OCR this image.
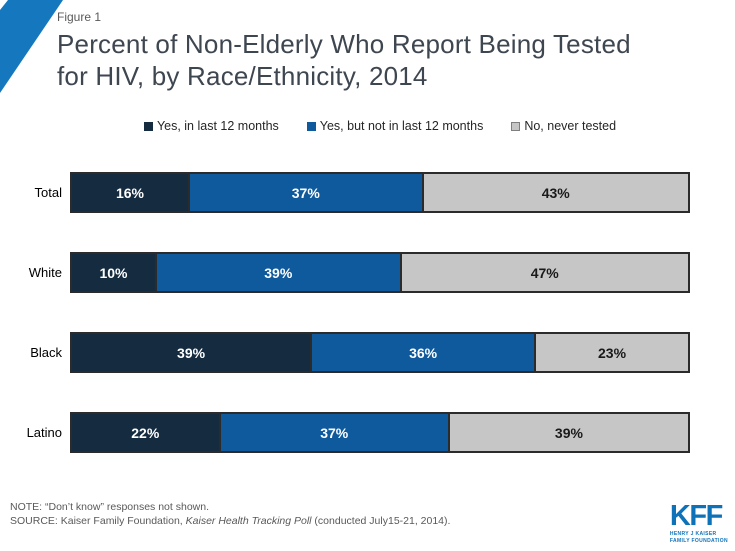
Figure 1
Percent of Non-Elderly Who Report Being Tested
for HIV, by Race/Ethnicity, 2014
Yes, in last 12 months	Yes, but not in last 12 months	No, never tested
Total	16%	37%	43%
White	10%	39%	47%
Black	39%	36%	23%
Latino	22%	37%	39%
NOTE: “Don’t know” responses not shown.
SOURCE: Kaiser Family Foundation, Kaiser Health Tracking Poll (conducted July15-21, 2014).	KFF
HENRY J KAISER
FAMILY FOUNDATION
